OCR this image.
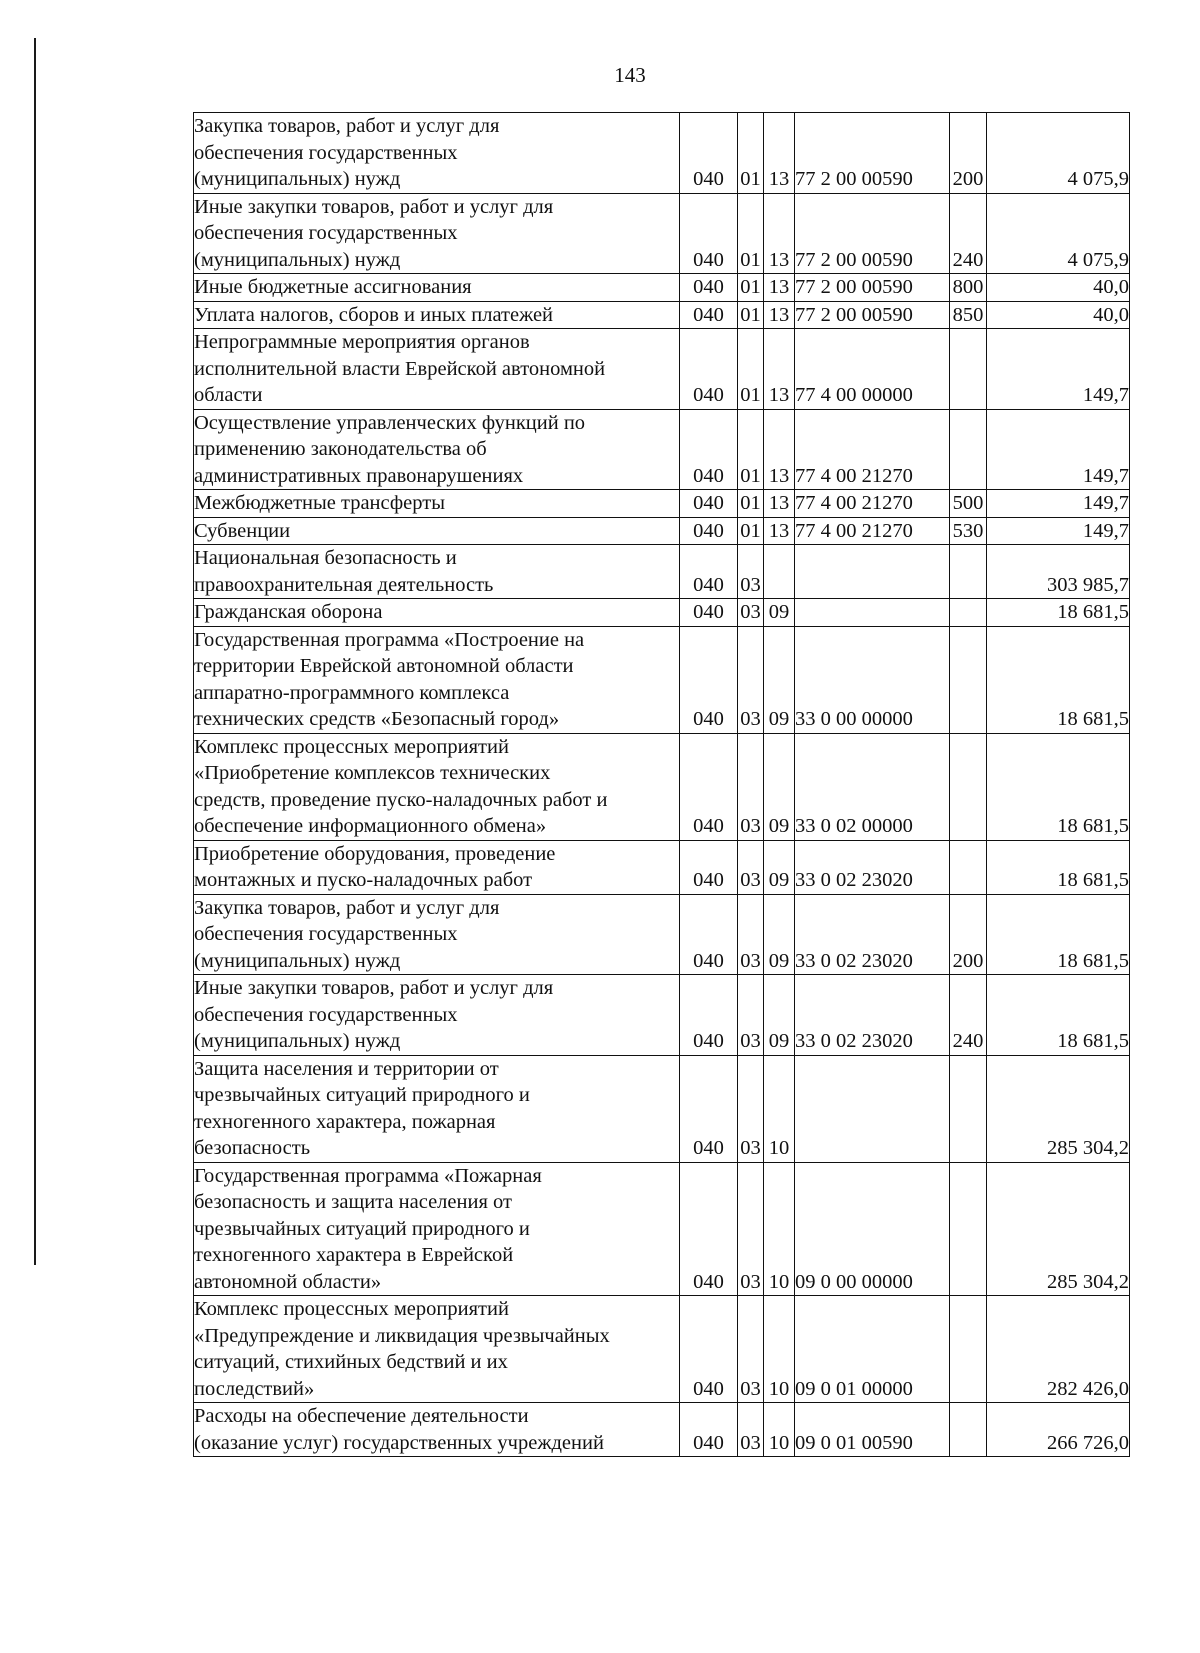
143
Закупка товаров, работ и услуг для
обеспечения государственных
(муниципальных) нужд	040	01	13	77 2 00 00590	200	4 075,9

Иные закупки товаров, работ и услуг для
обеспечения государственных
(муниципальных) нужд	040	01	13	77 2 00 00590	240	4 075,9

Иные бюджетные ассигнования	040	01	13	77 2 00 00590	800	40,0

Уплата налогов, сборов и иных платежей	040	01	13	77 2 00 00590	850	40,0

Непрограммные мероприятия органов
исполнительной власти Еврейской автономной
области	040	01	13	77 4 00 00000		149,7

Осуществление управленческих функций по
применению законодательства об
административных правонарушениях	040	01	13	77 4 00 21270		149,7

Межбюджетные трансферты	040	01	13	77 4 00 21270	500	149,7

Субвенции	040	01	13	77 4 00 21270	530	149,7

Национальная безопасность и
правоохранительная деятельность	040	03				303 985,7

Гражданская оборона	040	03	09			18 681,5

Государственная программа «Построение на
территории Еврейской автономной области
аппаратно-программного комплекса
технических средств «Безопасный город»	040	03	09	33 0 00 00000		18 681,5

Комплекс процессных мероприятий
«Приобретение комплексов технических
средств, проведение пуско-наладочных работ и
обеспечение информационного обмена»	040	03	09	33 0 02 00000		18 681,5

Приобретение оборудования, проведение
монтажных и пуско-наладочных работ	040	03	09	33 0 02 23020		18 681,5

Закупка товаров, работ и услуг для
обеспечения государственных
(муниципальных) нужд	040	03	09	33 0 02 23020	200	18 681,5

Иные закупки товаров, работ и услуг для
обеспечения государственных
(муниципальных) нужд	040	03	09	33 0 02 23020	240	18 681,5

Защита населения и территории от
чрезвычайных ситуаций природного и
техногенного характера, пожарная
безопасность	040	03	10			285 304,2

Государственная программа «Пожарная
безопасность и защита населения от
чрезвычайных ситуаций природного и
техногенного характера в Еврейской
автономной области»	040	03	10	09 0 00 00000		285 304,2

Комплекс процессных мероприятий
«Предупреждение и ликвидация чрезвычайных
ситуаций, стихийных бедствий и их
последствий»	040	03	10	09 0 01 00000		282 426,0

Расходы на обеспечение деятельности
(оказание услуг) государственных учреждений	040	03	10	09 0 01 00590		266 726,0
